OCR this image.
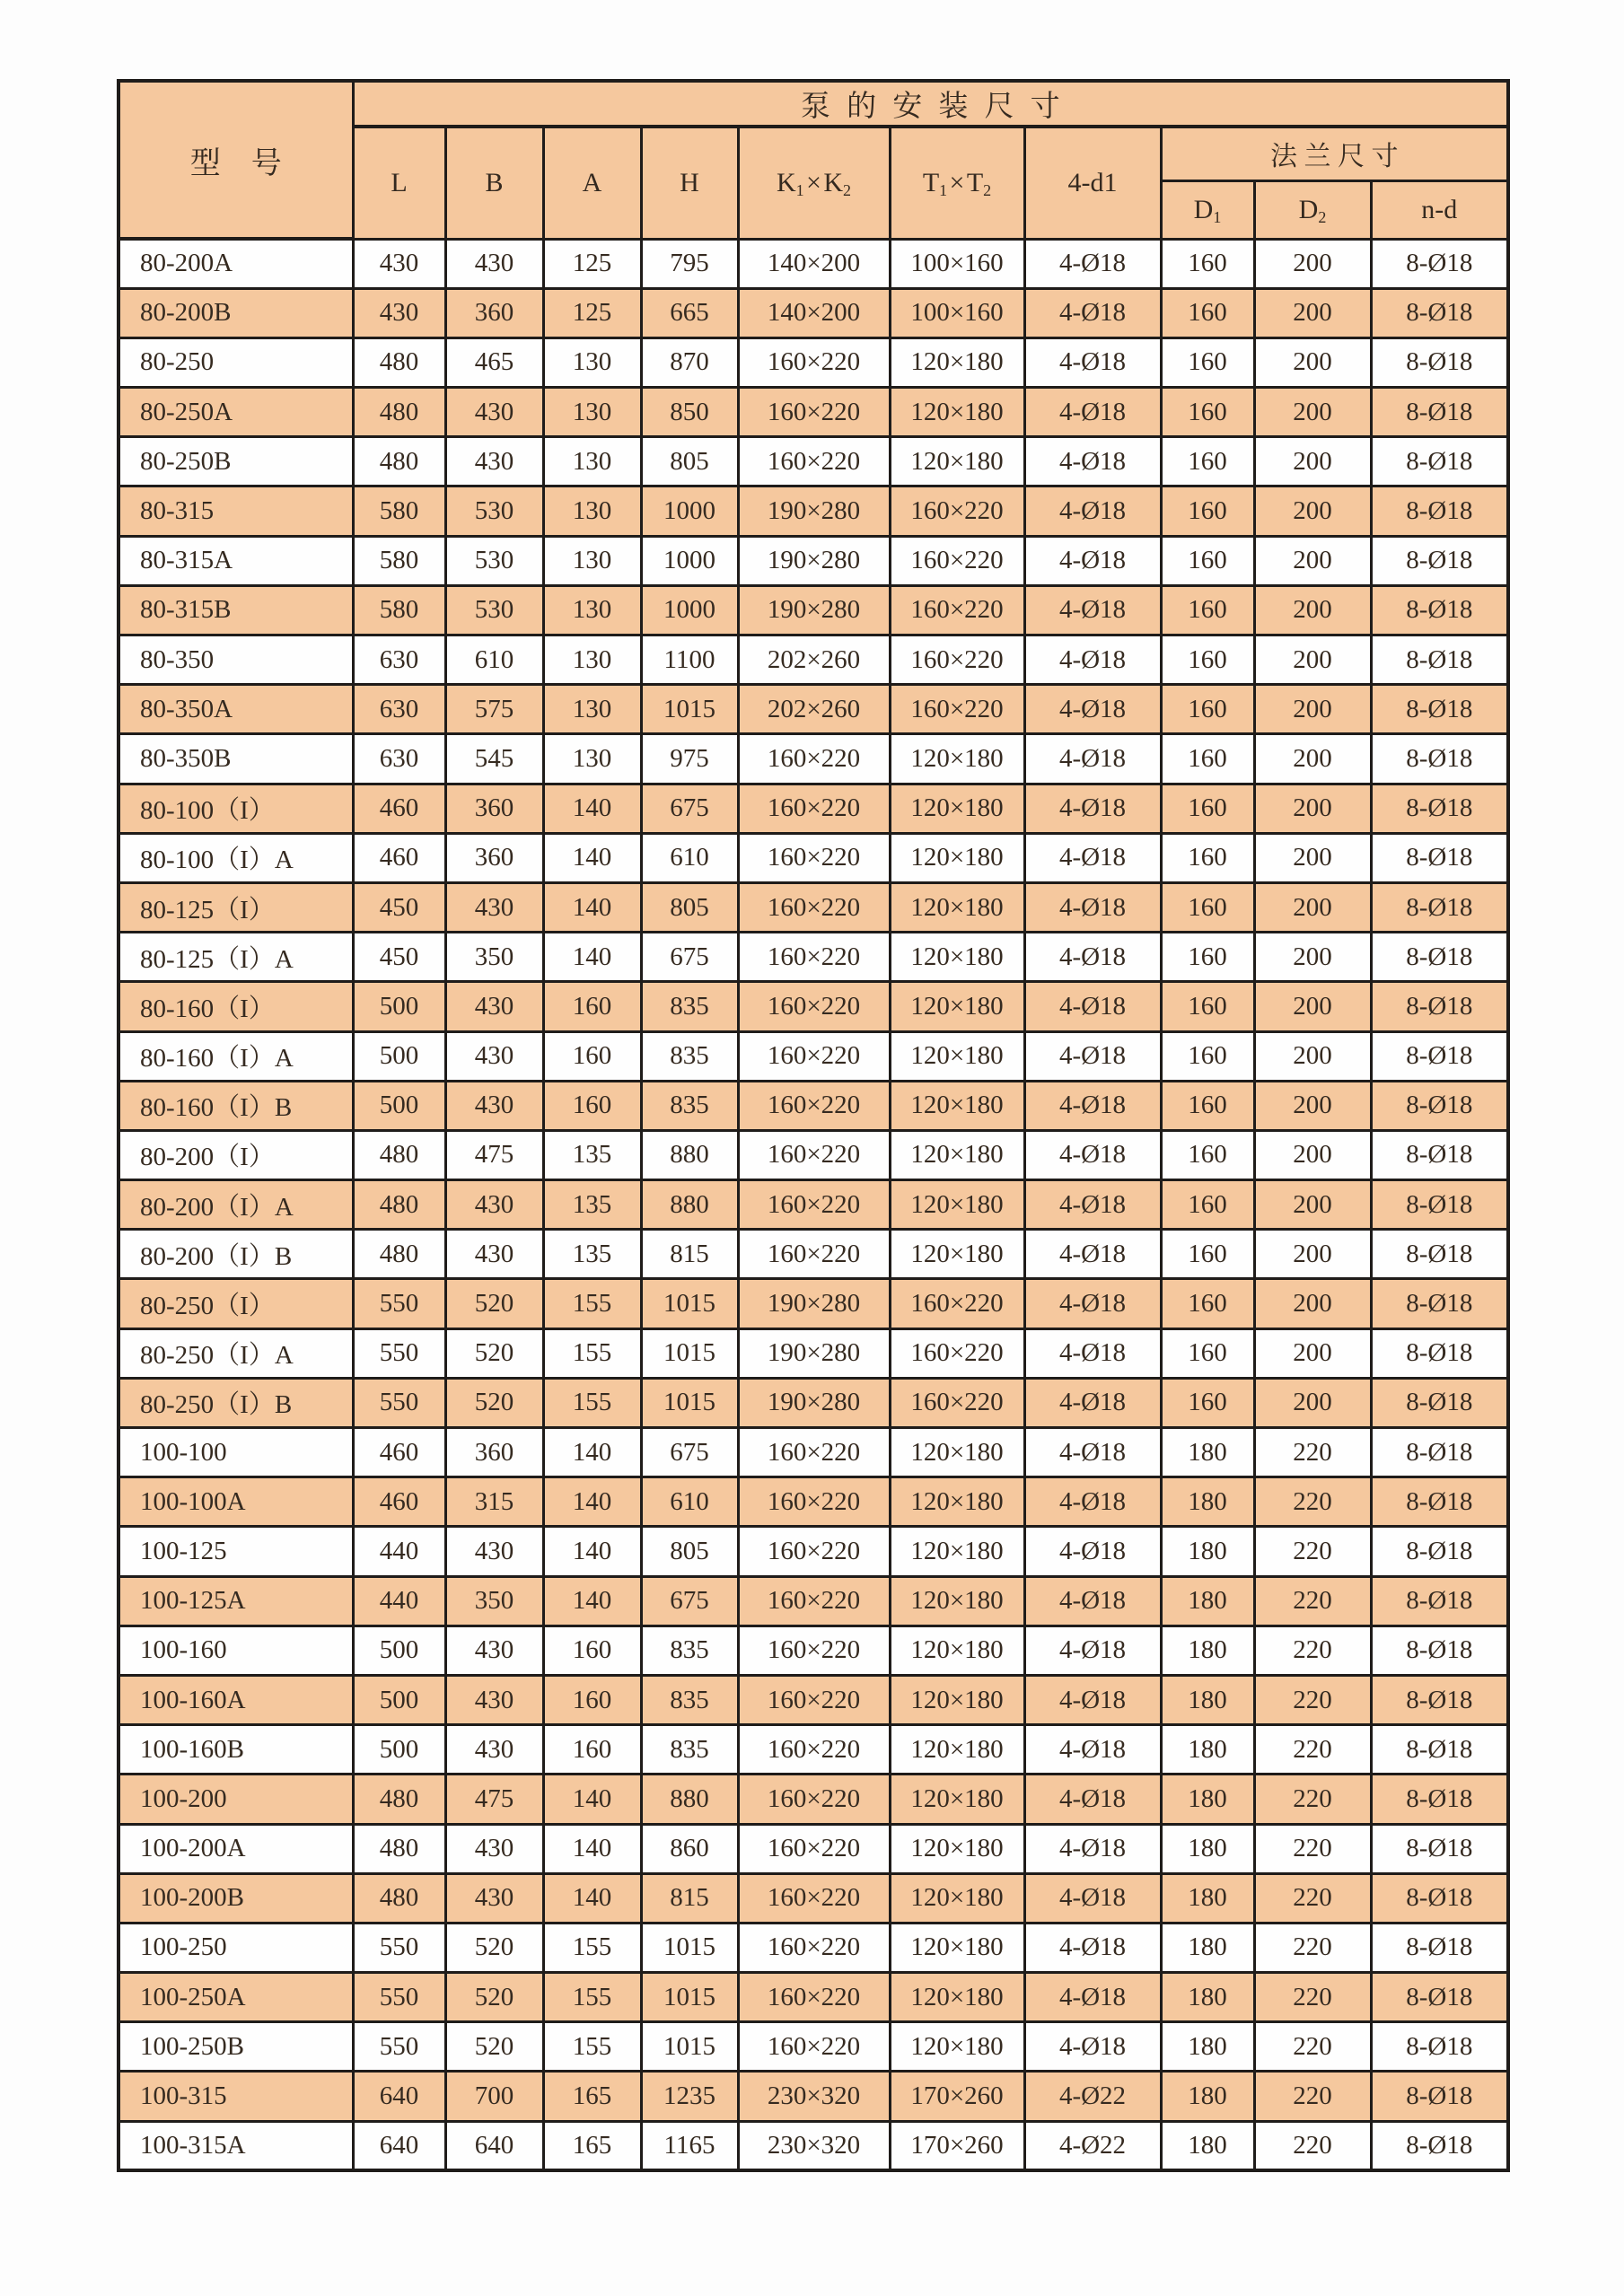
型　号	泵的安装尺寸									
	L	B	A	H	$K_1\times K_2$	$T_1\times T_2$	4-d1	法兰尺寸		
								$D_1$	$D_2$	n-d
80-200A	430	430	125	795	140×200	100×160	4-Ø18	160	200	8-Ø18
80-200B	430	360	125	665	140×200	100×160	4-Ø18	160	200	8-Ø18
80-250	480	465	130	870	160×220	120×180	4-Ø18	160	200	8-Ø18
80-250A	480	430	130	850	160×220	120×180	4-Ø18	160	200	8-Ø18
80-250B	480	430	130	805	160×220	120×180	4-Ø18	160	200	8-Ø18
80-315	580	530	130	1000	190×280	160×220	4-Ø18	160	200	8-Ø18
80-315A	580	530	130	1000	190×280	160×220	4-Ø18	160	200	8-Ø18
80-315B	580	530	130	1000	190×280	160×220	4-Ø18	160	200	8-Ø18
80-350	630	610	130	1100	202×260	160×220	4-Ø18	160	200	8-Ø18
80-350A	630	575	130	1015	202×260	160×220	4-Ø18	160	200	8-Ø18
80-350B	630	545	130	975	160×220	120×180	4-Ø18	160	200	8-Ø18
80-100（I）	460	360	140	675	160×220	120×180	4-Ø18	160	200	8-Ø18
80-100（I）A	460	360	140	610	160×220	120×180	4-Ø18	160	200	8-Ø18
80-125（I）	450	430	140	805	160×220	120×180	4-Ø18	160	200	8-Ø18
80-125（I）A	450	350	140	675	160×220	120×180	4-Ø18	160	200	8-Ø18
80-160（I）	500	430	160	835	160×220	120×180	4-Ø18	160	200	8-Ø18
80-160（I）A	500	430	160	835	160×220	120×180	4-Ø18	160	200	8-Ø18
80-160（I）B	500	430	160	835	160×220	120×180	4-Ø18	160	200	8-Ø18
80-200（I）	480	475	135	880	160×220	120×180	4-Ø18	160	200	8-Ø18
80-200（I）A	480	430	135	880	160×220	120×180	4-Ø18	160	200	8-Ø18
80-200（I）B	480	430	135	815	160×220	120×180	4-Ø18	160	200	8-Ø18
80-250（I）	550	520	155	1015	190×280	160×220	4-Ø18	160	200	8-Ø18
80-250（I）A	550	520	155	1015	190×280	160×220	4-Ø18	160	200	8-Ø18
80-250（I）B	550	520	155	1015	190×280	160×220	4-Ø18	160	200	8-Ø18
100-100	460	360	140	675	160×220	120×180	4-Ø18	180	220	8-Ø18
100-100A	460	315	140	610	160×220	120×180	4-Ø18	180	220	8-Ø18
100-125	440	430	140	805	160×220	120×180	4-Ø18	180	220	8-Ø18
100-125A	440	350	140	675	160×220	120×180	4-Ø18	180	220	8-Ø18
100-160	500	430	160	835	160×220	120×180	4-Ø18	180	220	8-Ø18
100-160A	500	430	160	835	160×220	120×180	4-Ø18	180	220	8-Ø18
100-160B	500	430	160	835	160×220	120×180	4-Ø18	180	220	8-Ø18
100-200	480	475	140	880	160×220	120×180	4-Ø18	180	220	8-Ø18
100-200A	480	430	140	860	160×220	120×180	4-Ø18	180	220	8-Ø18
100-200B	480	430	140	815	160×220	120×180	4-Ø18	180	220	8-Ø18
100-250	550	520	155	1015	160×220	120×180	4-Ø18	180	220	8-Ø18
100-250A	550	520	155	1015	160×220	120×180	4-Ø18	180	220	8-Ø18
100-250B	550	520	155	1015	160×220	120×180	4-Ø18	180	220	8-Ø18
100-315	640	700	165	1235	230×320	170×260	4-Ø22	180	220	8-Ø18
100-315A	640	640	165	1165	230×320	170×260	4-Ø22	180	220	8-Ø18
